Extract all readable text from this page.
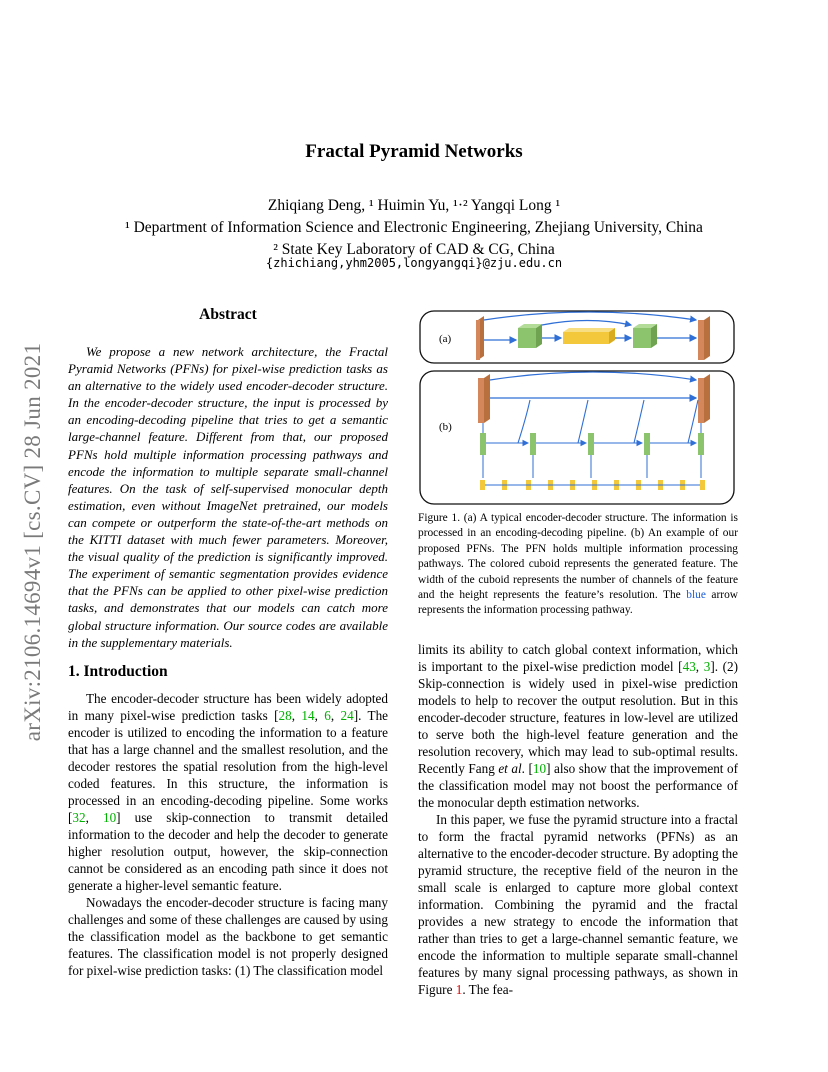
arXiv:2106.14694v1 [cs.CV] 28 Jun 2021
Fractal Pyramid Networks
Zhiqiang Deng, ¹ Huimin Yu, ¹·² Yangqi Long ¹
¹ Department of Information Science and Electronic Engineering, Zhejiang University, China
² State Key Laboratory of CAD & CG, China
{zhichiang,yhm2005,longyangqi}@zju.edu.cn
Abstract
We propose a new network architecture, the Fractal Pyramid Networks (PFNs) for pixel-wise prediction tasks as an alternative to the widely used encoder-decoder structure. In the encoder-decoder structure, the input is processed by an encoding-decoding pipeline that tries to get a semantic large-channel feature. Different from that, our proposed PFNs hold multiple information processing pathways and encode the information to multiple separate small-channel features. On the task of self-supervised monocular depth estimation, even without ImageNet pretrained, our models can compete or outperform the state-of-the-art methods on the KITTI dataset with much fewer parameters. Moreover, the visual quality of the prediction is significantly improved. The experiment of semantic segmentation provides evidence that the PFNs can be applied to other pixel-wise prediction tasks, and demonstrates that our models can catch more global structure information. Our source codes are available in the supplementary materials.
1. Introduction

The encoder-decoder structure has been widely adopted in many pixel-wise prediction tasks [28, 14, 6, 24]. The encoder is utilized to encoding the information to a feature that has a large channel and the smallest resolution, and the decoder restores the spatial resolution from the high-level coded features. In this structure, the information is processed in an encoding-decoding pipeline. Some works [32, 10] use skip-connection to transmit detailed information to the decoder and help the decoder to generate higher resolution output, however, the skip-connection cannot be considered as an encoding path since it does not generate a higher-level semantic feature.

Nowadays the encoder-decoder structure is facing many challenges and some of these challenges are caused by using the classification model as the backbone to get semantic features. The classification model is not properly designed for pixel-wise prediction tasks: (1) The classification model

limits its ability to catch global context information, which is important to the pixel-wise prediction model [43, 3]. (2) Skip-connection is widely used in pixel-wise prediction models to help to recover the output resolution. But in this encoder-decoder structure, features in low-level are utilized to serve both the high-level feature generation and the resolution recovery, which may lead to sub-optimal results. Recently Fang et al. [10] also show that the improvement of the classification model may not boost the performance of the monocular depth estimation networks.

In this paper, we fuse the pyramid structure into a fractal to form the fractal pyramid networks (PFNs) as an alternative to the encoder-decoder structure. By adopting the pyramid structure, the receptive field of the neuron in the small scale is enlarged to capture more global context information. Combining the pyramid and the fractal provides a new strategy to encode the information that rather than tries to get a large-channel semantic feature, we encode the information to multiple separate small-channel features by many signal processing pathways, as shown in Figure 1. The fea-

(a)
(b)
Figure 1. (a) A typical encoder-decoder structure. The information is processed in an encoding-decoding pipeline. (b) An example of our proposed PFNs. The PFN holds multiple information processing pathways. The colored cuboid represents the generated feature. The width of the cuboid represents the number of channels of the feature and the height represents the feature’s resolution. The blue arrow represents the information processing pathway.
